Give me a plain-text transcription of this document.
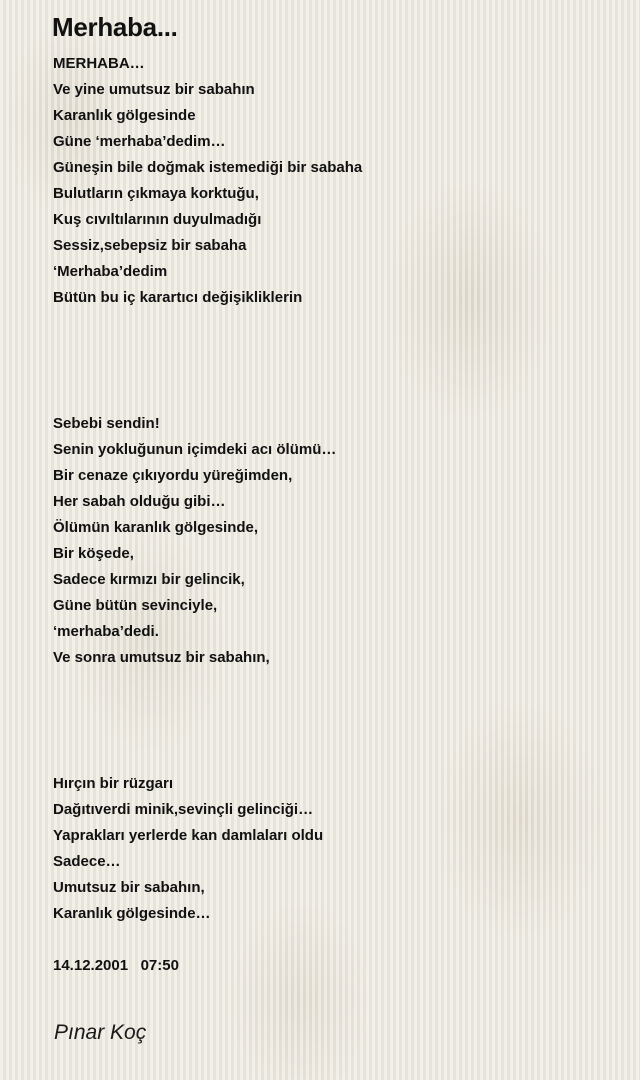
Merhaba...
MERHABA…
Ve yine umutsuz bir sabahın
Karanlık gölgesinde
Güne ‘merhaba’dedim…
Güneşin bile doğmak istemediği bir sabaha
Bulutların çıkmaya korktuğu,
Kuş cıvıltılarının duyulmadığı
Sessiz,sebepsiz bir sabaha
‘Merhaba’dedim
Bütün bu iç karartıcı değişikliklerin
Sebebi sendin!
Senin yokluğunun içimdeki acı ölümü…
Bir cenaze çıkıyordu yüreğimden,
Her sabah olduğu gibi…
Ölümün karanlık gölgesinde,
Bir köşede,
Sadece kırmızı bir gelincik,
Güne bütün sevinciyle,
‘merhaba’dedi.
Ve sonra umutsuz bir sabahın,
Hırçın bir rüzgarı
Dağıtıverdi minik,sevinçli gelinciği…
Yaprakları yerlerde kan damlaları oldu
Sadece…
Umutsuz bir sabahın,
Karanlık gölgesinde…
14.12.2001   07:50
Pınar Koç
